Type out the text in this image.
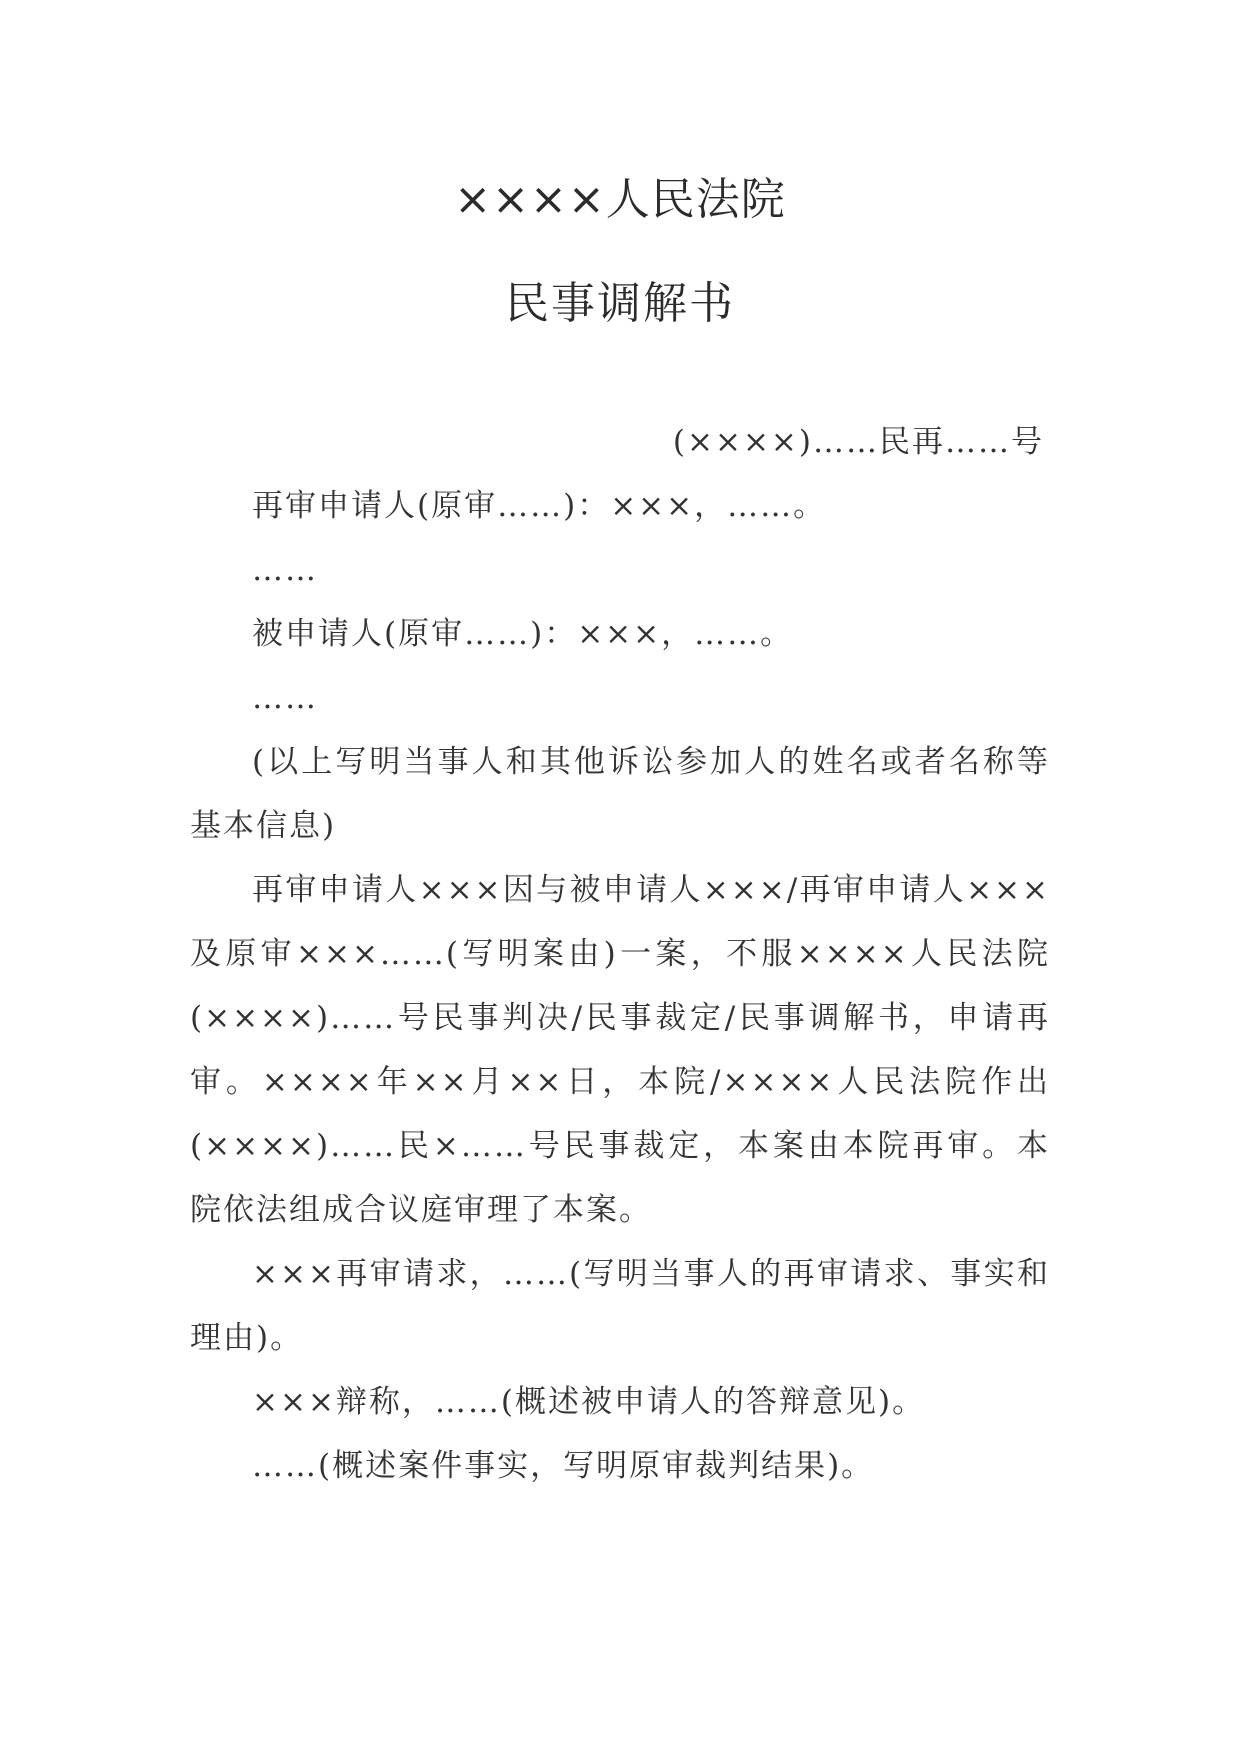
××××人民法院
民事调解书

(××××)……民再……号

再审申请人(原审……)：×××，……。

……

被申请人(原审……)：×××，……。

……

(以上写明当事人和其他诉讼参加人的姓名或者名称等基本信息)

再审申请人×××因与被申请人×××/再审申请人×××及原审×××……(写明案由)一案，不服××××人民法院(××××)……号民事判决/民事裁定/民事调解书，申请再审。××××年××月××日，本院/××××人民法院作出(××××)……民×……号民事裁定，本案由本院再审。本院依法组成合议庭审理了本案。

×××再审请求，……(写明当事人的再审请求、事实和理由)。

×××辩称，……(概述被申请人的答辩意见)。

……(概述案件事实，写明原审裁判结果)。
